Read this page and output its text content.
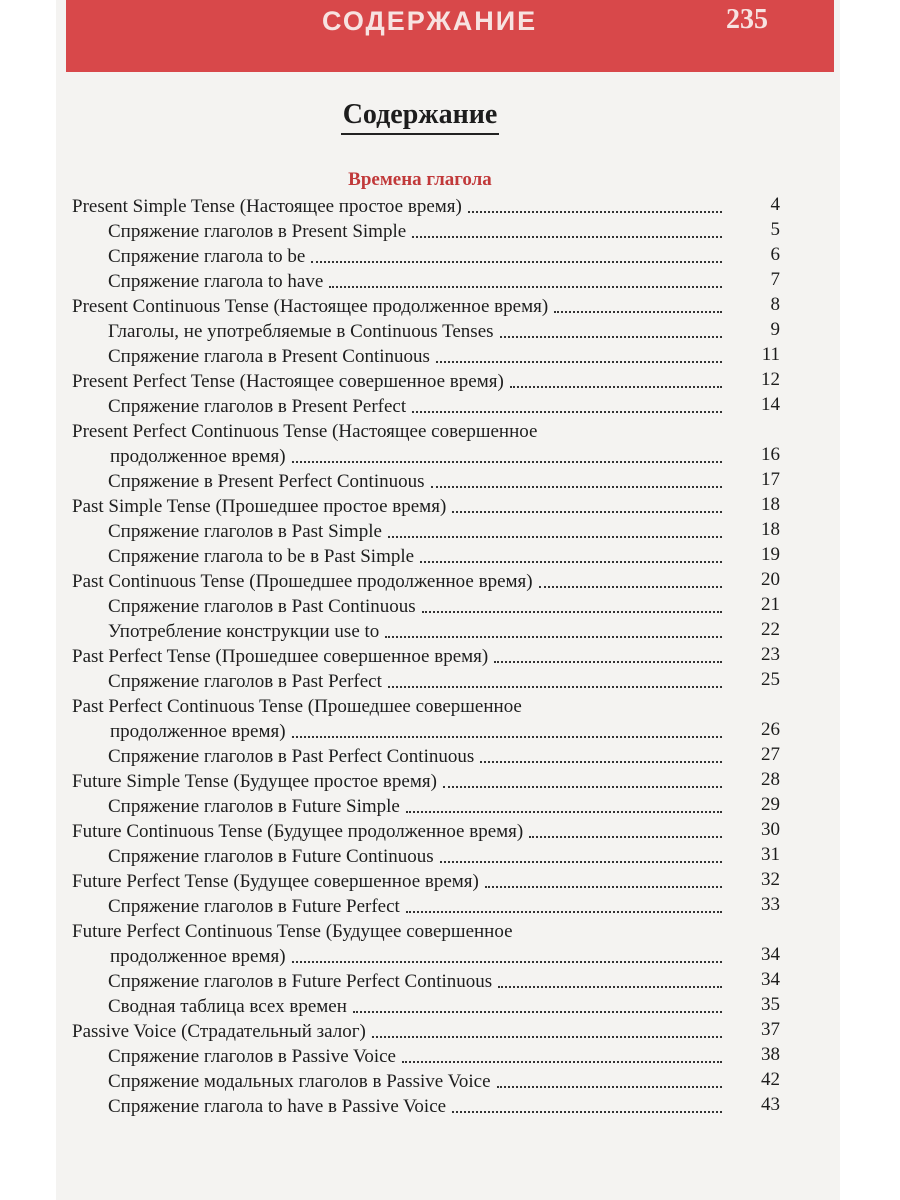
СОДЕРЖАНИЕ	235
Содержание
Времена глагола
Present Simple Tense (Настоящее простое время)	4
Спряжение глаголов в Present Simple	5
Спряжение глагола to be	6
Спряжение глагола to have	7
Present Continuous Tense (Настоящее продолженное время)	8
Глаголы, не употребляемые в Continuous Tenses	9
Спряжение глагола в Present Continuous	11
Present Perfect Tense (Настоящее совершенное время)	12
Спряжение глаголов в Present Perfect	14
Present Perfect Continuous Tense (Настоящее совершенное
продолженное время)	16
Спряжение в Present Perfect Continuous	17
Past Simple Tense (Прошедшее простое время)	18
Спряжение глаголов в Past Simple	18
Спряжение глагола to be в Past Simple	19
Past Continuous Tense (Прошедшее продолженное время)	20
Спряжение глаголов в Past Continuous	21
Употребление конструкции use to	22
Past Perfect Tense (Прошедшее совершенное время)	23
Спряжение глаголов в Past Perfect	25
Past Perfect Continuous Tense (Прошедшее совершенное
продолженное время)	26
Спряжение глаголов в Past Perfect Continuous	27
Future Simple Tense (Будущее простое время)	28
Спряжение глаголов в Future Simple	29
Future Continuous Tense (Будущее продолженное время)	30
Спряжение глаголов в Future Continuous	31
Future Perfect Tense (Будущее совершенное время)	32
Спряжение глаголов в Future Perfect	33
Future Perfect Continuous Tense (Будущее совершенное
продолженное время)	34
Спряжение глаголов в Future Perfect Continuous	34
Сводная таблица всех времен	35
Passive Voice (Страдательный залог)	37
Спряжение глаголов в Passive Voice	38
Спряжение модальных глаголов в Passive Voice	42
Спряжение глагола to have в Passive Voice	43
